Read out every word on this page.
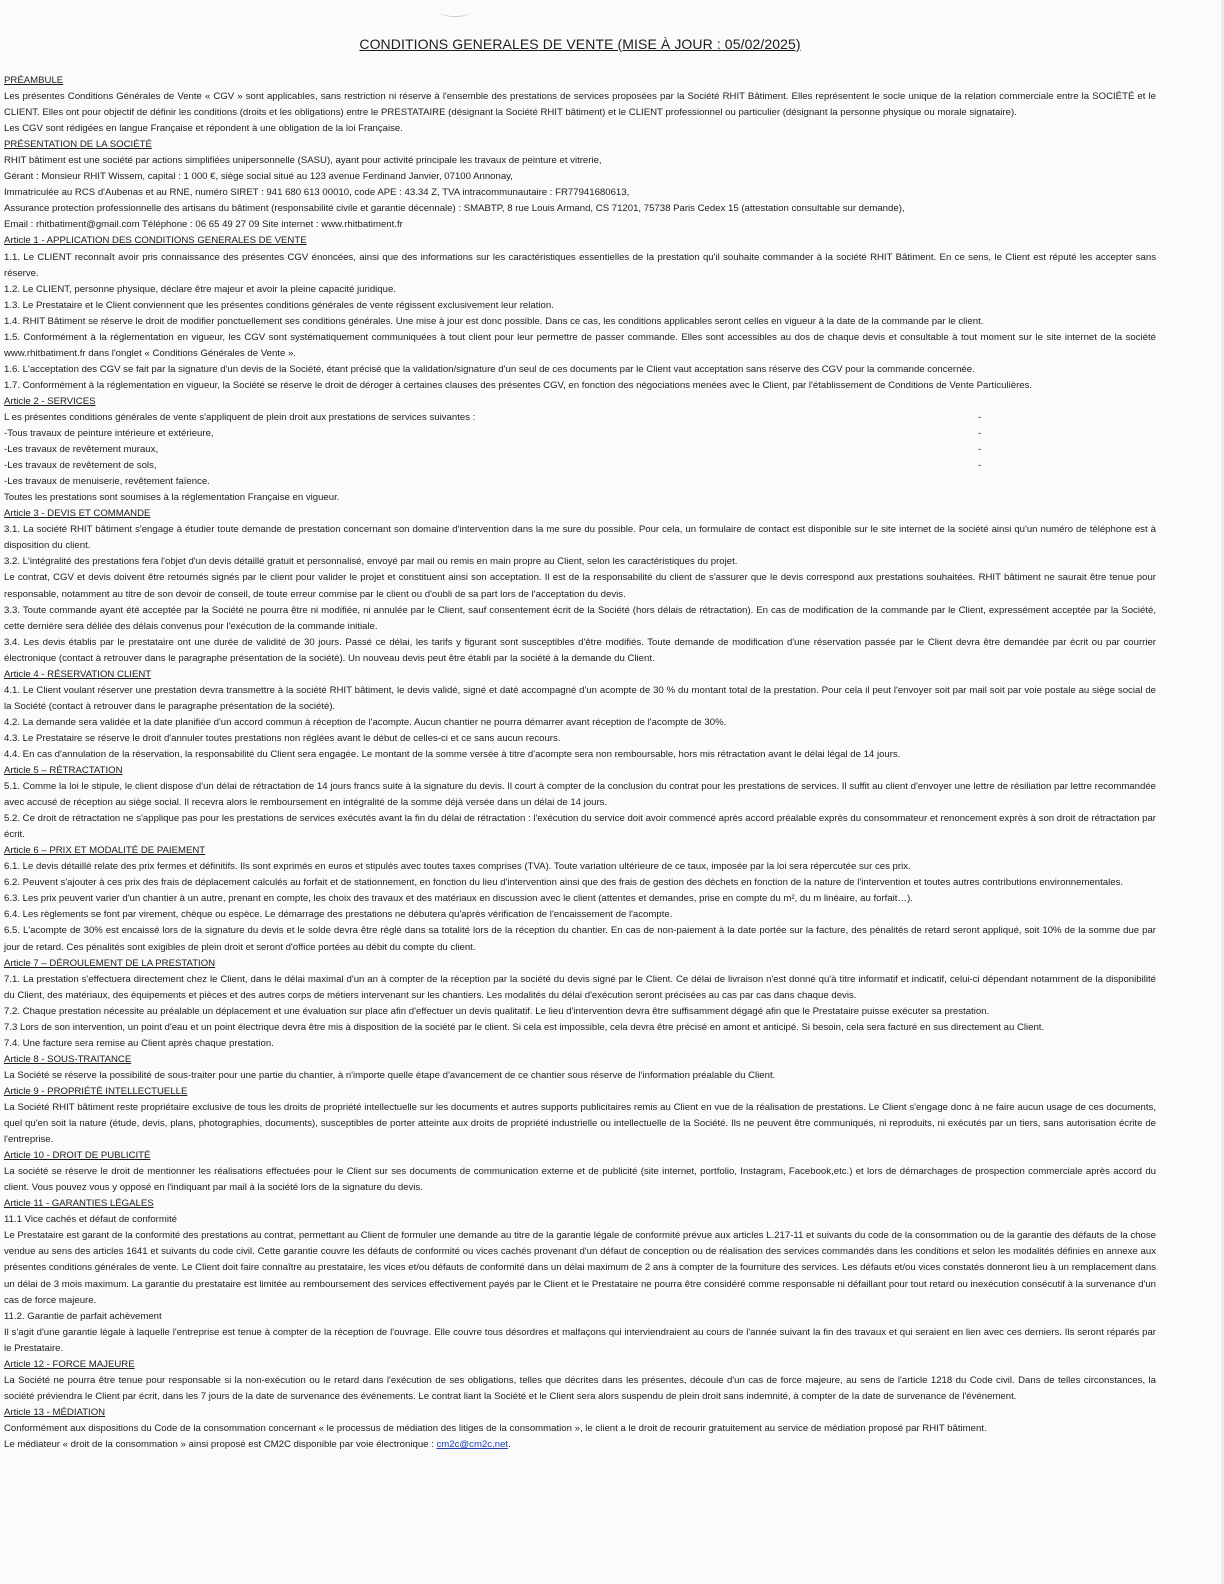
CONDITIONS GENERALES DE VENTE (MISE À JOUR : 05/02/2025)

PRÉAMBULE

Les présentes Conditions Générales de Vente « CGV » sont applicables, sans restriction ni réserve à l'ensemble des prestations de services proposées par la Société RHIT Bâtiment. Elles représentent le socle unique de la relation commerciale entre la SOCIÉTÉ et le CLIENT. Elles ont pour objectif de définir les conditions (droits et les obligations) entre le PRESTATAIRE (désignant la Société RHIT bâtiment) et le CLIENT professionnel ou particulier (désignant la personne physique ou morale signataire).

Les CGV sont rédigées en langue Française et répondent à une obligation de la loi Française.

PRÉSENTATION DE LA SOCIÉTÉ

RHIT bâtiment est une société par actions simplifiées unipersonnelle (SASU), ayant pour activité principale les travaux de peinture et vitrerie,

Gérant : Monsieur RHIT Wissem, capital : 1 000 €, siège social situé au 123 avenue Ferdinand Janvier, 07100 Annonay,

Immatriculée au RCS d'Aubenas et au RNE, numéro SIRET : 941 680 613 00010, code APE : 43.34 Z, TVA intracommunautaire : FR77941680613,

Assurance protection professionnelle des artisans du bâtiment (responsabilité civile et garantie décennale) : SMABTP, 8 rue Louis Armand, CS 71201, 75738 Paris Cedex 15 (attestation consultable sur demande),

Email : rhitbatiment@gmail.com Téléphone : 06 65 49 27 09 Site internet : www.rhitbatiment.fr

Article 1 - APPLICATION DES CONDITIONS GENERALES DE VENTE

1.1. Le CLIENT reconnaît avoir pris connaissance des présentes CGV énoncées, ainsi que des informations sur les caractéristiques essentielles de la prestation qu'il souhaite commander à la société RHIT Bâtiment. En ce sens, le Client est réputé les accepter sans réserve.

1.2. Le CLIENT, personne physique, déclare être majeur et avoir la pleine capacité juridique.

1.3. Le Prestataire et le Client conviennent que les présentes conditions générales de vente régissent exclusivement leur relation.

1.4. RHIT Bâtiment se réserve le droit de modifier ponctuellement ses conditions générales. Une mise à jour est donc possible. Dans ce cas, les conditions applicables seront celles en vigueur à la date de la commande par le client.

1.5. Conformément à la réglementation en vigueur, les CGV sont systématiquement communiquées à tout client pour leur permettre de passer commande. Elles sont accessibles au dos de chaque devis et consultable à tout moment sur le site internet de la société www.rhitbatiment.fr dans l'onglet « Conditions Générales de Vente ».

1.6. L'acceptation des CGV se fait par la signature d'un devis de la Société, étant précisé que la validation/signature d'un seul de ces documents par le Client vaut acceptation sans réserve des CGV pour la commande concernée.

1.7. Conformément à la réglementation en vigueur, la Société se réserve le droit de déroger à certaines clauses des présentes CGV, en fonction des négociations menées avec le Client, par l'établissement de Conditions de Vente Particulières.

Article 2 - SERVICES

L es présentes conditions générales de vente s'appliquent de plein droit aux prestations de services suivantes :	-
-Tous travaux de peinture intérieure et extérieure,	-
-Les travaux de revêtement muraux,	-
-Les travaux de revêtement de sols,	-

-Les travaux de menuiserie, revêtement faïence.

Toutes les prestations sont soumises à la réglementation Française en vigueur.

Article 3 - DEVIS ET COMMANDE

3.1. La société RHIT bâtiment s'engage à étudier toute demande de prestation concernant son domaine d'intervention dans la me sure du possible. Pour cela, un formulaire de contact est disponible sur le site internet de la société ainsi qu'un numéro de téléphone est à disposition du client.

3.2. L'intégralité des prestations fera l'objet d'un devis détaillé gratuit et personnalisé, envoyé par mail ou remis en main propre au Client, selon les caractéristiques du projet.

Le contrat, CGV et devis doivent être retournés signés par le client pour valider le projet et constituent ainsi son acceptation. Il est de la responsabilité du client de s'assurer que le devis correspond aux prestations souhaitées. RHIT bâtiment ne saurait être tenue pour responsable, notamment au titre de son devoir de conseil, de toute erreur commise par le client ou d'oubli de sa part lors de l'acceptation du devis.

3.3. Toute commande ayant été acceptée par la Société ne pourra être ni modifiée, ni annulée par le Client, sauf consentement écrit de la Société (hors délais de rétractation). En cas de modification de la commande par le Client, expressément acceptée par la Société, cette dernière sera déliée des délais convenus pour l'exécution de la commande initiale.

3.4. Les devis établis par le prestataire ont une durée de validité de 30 jours. Passé ce délai, les tarifs y figurant sont susceptibles d'être modifiés. Toute demande de modification d'une réservation passée par le Client devra être demandée par écrit ou par courrier électronique (contact à retrouver dans le paragraphe présentation de la société). Un nouveau devis peut être établi par la société à la demande du Client.

Article 4 - RÉSERVATION CLIENT

4.1. Le Client voulant réserver une prestation devra transmettre à la société RHIT bâtiment, le devis validé, signé et daté accompagné d'un acompte de 30 % du montant total de la prestation. Pour cela il peut l'envoyer soit par mail soit par voie postale au siège social de la Société (contact à retrouver dans le paragraphe présentation de la société).

4.2. La demande sera validée et la date planifiée d'un accord commun à réception de l'acompte. Aucun chantier ne pourra démarrer avant réception de l'acompte de 30%.

4.3. Le Prestataire se réserve le droit d'annuler toutes prestations non réglées avant le début de celles-ci et ce sans aucun recours.

4.4. En cas d'annulation de la réservation, la responsabilité du Client sera engagée. Le montant de la somme versée à titre d'acompte sera non remboursable, hors mis rétractation avant le délai légal de 14 jours.

Article 5 – RÉTRACTATION

5.1. Comme la loi le stipule, le client dispose d'un délai de rétractation de 14 jours francs suite à la signature du devis. Il court à compter de la conclusion du contrat pour les prestations de services. Il suffit au client d'envoyer une lettre de résiliation par lettre recommandée avec accusé de réception au siège social. Il recevra alors le remboursement en intégralité de la somme déjà versée dans un délai de 14 jours.

5.2. Ce droit de rétractation ne s'applique pas pour les prestations de services exécutés avant la fin du délai de rétractation : l'exécution du service doit avoir commencé après accord préalable exprès du consommateur et renoncement exprès à son droit de rétractation par écrit.

Article 6 – PRIX ET MODALITÉ DE PAIEMENT

6.1. Le devis détaillé relate des prix fermes et définitifs. Ils sont exprimés en euros et stipulés avec toutes taxes comprises (TVA). Toute variation ultérieure de ce taux, imposée par la loi sera répercutée sur ces prix.

6.2. Peuvent s'ajouter à ces prix des frais de déplacement calculés au forfait et de stationnement, en fonction du lieu d'intervention ainsi que des frais de gestion des déchets en fonction de la nature de l'intervention et toutes autres contributions environnementales.

6.3. Les prix peuvent varier d'un chantier à un autre, prenant en compte, les choix des travaux et des matériaux en discussion avec le client (attentes et demandes, prise en compte du m², du m linéaire, au forfait…).

6.4. Les règlements se font par virement, chèque ou espèce. Le démarrage des prestations ne débutera qu'après vérification de l'encaissement de l'acompte.

6.5. L'acompte de 30% est encaissé lors de la signature du devis et le solde devra être réglé dans sa totalité lors de la réception du chantier. En cas de non-paiement à la date portée sur la facture, des pénalités de retard seront appliqué, soit 10% de la somme due par jour de retard. Ces pénalités sont exigibles de plein droit et seront d'office portées au débit du compte du client.

Article 7 – DÉROULEMENT DE LA PRESTATION

7.1. La prestation s'effectuera directement chez le Client, dans le délai maximal d'un an à compter de la réception par la société du devis signé par le Client. Ce délai de livraison n'est donné qu'à titre informatif et indicatif, celui-ci dépendant notamment de la disponibilité du Client, des matériaux, des équipements et pièces et des autres corps de métiers intervenant sur les chantiers. Les modalités du délai d'exécution seront précisées au cas par cas dans chaque devis.

7.2. Chaque prestation nécessite au préalable un déplacement et une évaluation sur place afin d'effectuer un devis qualitatif. Le lieu d'intervention devra être suffisamment dégagé afin que le Prestataire puisse exécuter sa prestation.

7.3 Lors de son intervention, un point d'eau et un point électrique devra être mis à disposition de la société par le client. Si cela est impossible, cela devra être précisé en amont et anticipé. Si besoin, cela sera facturé en sus directement au Client.

7.4. Une facture sera remise au Client après chaque prestation.

Article 8 - SOUS-TRAITANCE

La Société se réserve la possibilité de sous-traiter pour une partie du chantier, à n'importe quelle étape d'avancement de ce chantier sous réserve de l'information préalable du Client.

Article 9 - PROPRIÉTÉ INTELLECTUELLE

La Société RHIT bâtiment reste propriétaire exclusive de tous les droits de propriété intellectuelle sur les documents et autres supports publicitaires remis au Client en vue de la réalisation de prestations. Le Client s'engage donc à ne faire aucun usage de ces documents, quel qu'en soit la nature (étude, devis, plans, photographies, documents), susceptibles de porter atteinte aux droits de propriété industrielle ou intellectuelle de la Société. Ils ne peuvent être communiqués, ni reproduits, ni exécutés par un tiers, sans autorisation écrite de l'entreprise.

Article 10 - DROIT DE PUBLICITÉ

La société se réserve le droit de mentionner les réalisations effectuées pour le Client sur ses documents de communication externe et de publicité (site internet, portfolio, Instagram, Facebook,etc.) et lors de démarchages de prospection commerciale après accord du client. Vous pouvez vous y opposé en l'indiquant par mail à la société lors de la signature du devis.

Article 11 - GARANTIES LÉGALES

11.1 Vice cachés et défaut de conformité

Le Prestataire est garant de la conformité des prestations au contrat, permettant au Client de formuler une demande au titre de la garantie légale de conformité prévue aux articles L.217-11 et suivants du code de la consommation ou de la garantie des défauts de la chose vendue au sens des articles 1641 et suivants du code civil. Cette garantie couvre les défauts de conformité ou vices cachés provenant d'un défaut de conception ou de réalisation des services commandés dans les conditions et selon les modalités définies en annexe aux présentes conditions générales de vente. Le Client doit faire connaître au prestataire, les vices et/ou défauts de conformité dans un délai maximum de 2 ans à compter de la fourniture des services. Les défauts et/ou vices constatés donneront lieu à un remplacement dans un délai de 3 mois maximum. La garantie du prestataire est limitée au remboursement des services effectivement payés par le Client et le Prestataire ne pourra être considéré comme responsable ni défaillant pour tout retard ou inexécution consécutif à la survenance d'un cas de force majeure.

11.2. Garantie de parfait achèvement

Il s'agit d'une garantie légale à laquelle l'entreprise est tenue à compter de la réception de l'ouvrage. Elle couvre tous désordres et malfaçons qui interviendraient au cours de l'année suivant la fin des travaux et qui seraient en lien avec ces derniers. Ils seront réparés par le Prestataire.

Article 12 - FORCE MAJEURE

La Société ne pourra être tenue pour responsable si la non-exécution ou le retard dans l'exécution de ses obligations, telles que décrites dans les présentes, découle d'un cas de force majeure, au sens de l'article 1218 du Code civil. Dans de telles circonstances, la société préviendra le Client par écrit, dans les 7 jours de la date de survenance des événements. Le contrat liant la Société et le Client sera alors suspendu de plein droit sans indemnité, à compter de la date de survenance de l'événement.

Article 13 - MÉDIATION

Conformément aux dispositions du Code de la consommation concernant « le processus de médiation des litiges de la consommation », le client a le droit de recourir gratuitement au service de médiation proposé par RHIT bâtiment.

Le médiateur « droit de la consommation » ainsi proposé est CM2C disponible par voie électronique : cm2c@cm2c.net.
